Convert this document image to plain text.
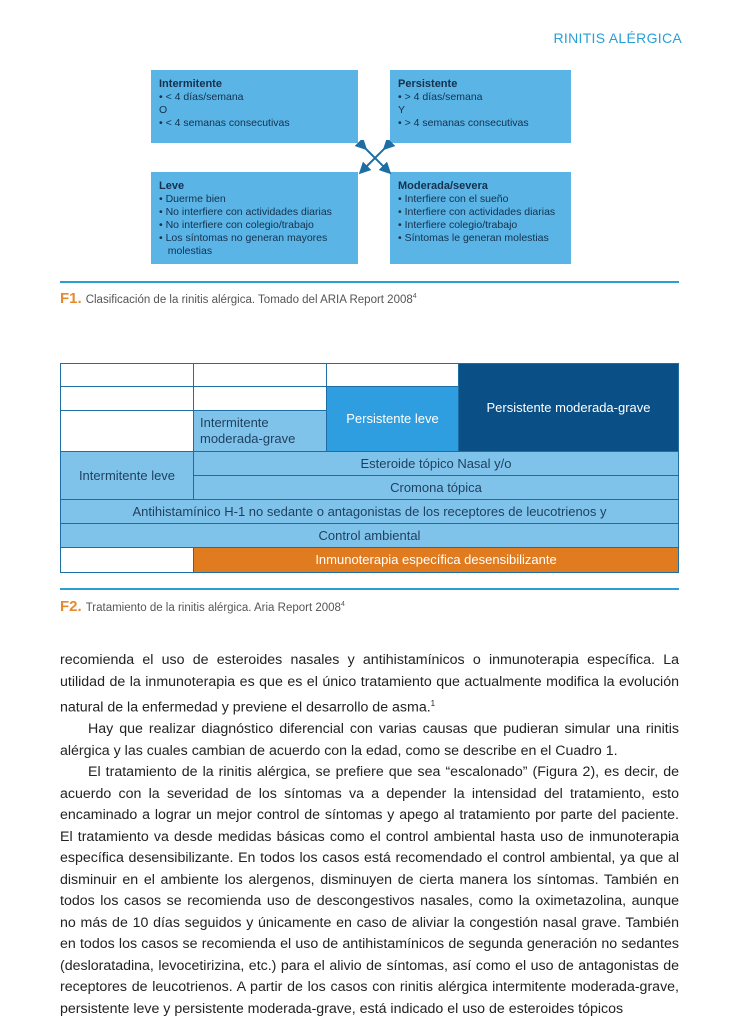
RINITIS ALÉRGICA
Intermitente
• < 4 días/semana
O
• < 4 semanas consecutivas
Persistente
• > 4 días/semana
Y
• > 4 semanas consecutivas
Leve
• Duerme bien
• No interfiere con actividades diarias
• No interfiere con colegio/trabajo
• Los síntomas no generan mayores
molestias
Moderada/severa
• Interfiere con el sueño
• Interfiere con actividades diarias
• Interfiere colegio/trabajo
• Síntomas le generan molestias
F1. Clasificación de la rinitis alérgica. Tomado del ARIA Report 2008$^4$
Intermitente moderada-grave
Persistente leve
Persistente moderada-grave
Intermitente leve
Esteroide tópico Nasal y/o
Cromona tópica
Antihistamínico H-1 no sedante o antagonistas de los receptores de leucotrienos y
Control ambiental
Inmunoterapia específica desensibilizante
F2. Tratamiento de la rinitis alérgica. Aria Report 2008$^4$

recomienda el uso de esteroides nasales y antihistamínicos o inmunoterapia específica. La utilidad de la inmunoterapia es que es el único tratamiento que actualmente modifica la evolución natural de la enfermedad y previene el desarrollo de asma.$^1$

Hay que realizar diagnóstico diferencial con varias causas que pudieran simular una rinitis alérgica y las cuales cambian de acuerdo con la edad, como se describe en el Cuadro 1.

El tratamiento de la rinitis alérgica, se prefiere que sea “escalonado” (Figura 2), es decir, de acuerdo con la severidad de los síntomas va a depender la intensidad del tratamiento, esto encaminado a lograr un mejor control de síntomas y apego al tratamiento por parte del paciente. El tratamiento va desde medidas básicas como el control ambiental hasta uso de inmunoterapia específica desensibilizante. En todos los casos está recomendado el control ambiental, ya que al disminuir en el ambiente los alergenos, disminuyen de cierta manera los síntomas. También en todos los casos se recomienda uso de descongestivos nasales, como la oximetazolina, aunque no más de 10 días seguidos y únicamente en caso de aliviar la congestión nasal grave. También en todos los casos se recomienda el uso de antihistamínicos de segunda generación no sedantes (desloratadina, levocetirizina, etc.) para el alivio de síntomas, así como el uso de antagonistas de receptores de leucotrienos. A partir de los casos con rinitis alérgica intermitente moderada-grave, persistente leve y persistente moderada-grave, está indicado el uso de esteroides tópicos
